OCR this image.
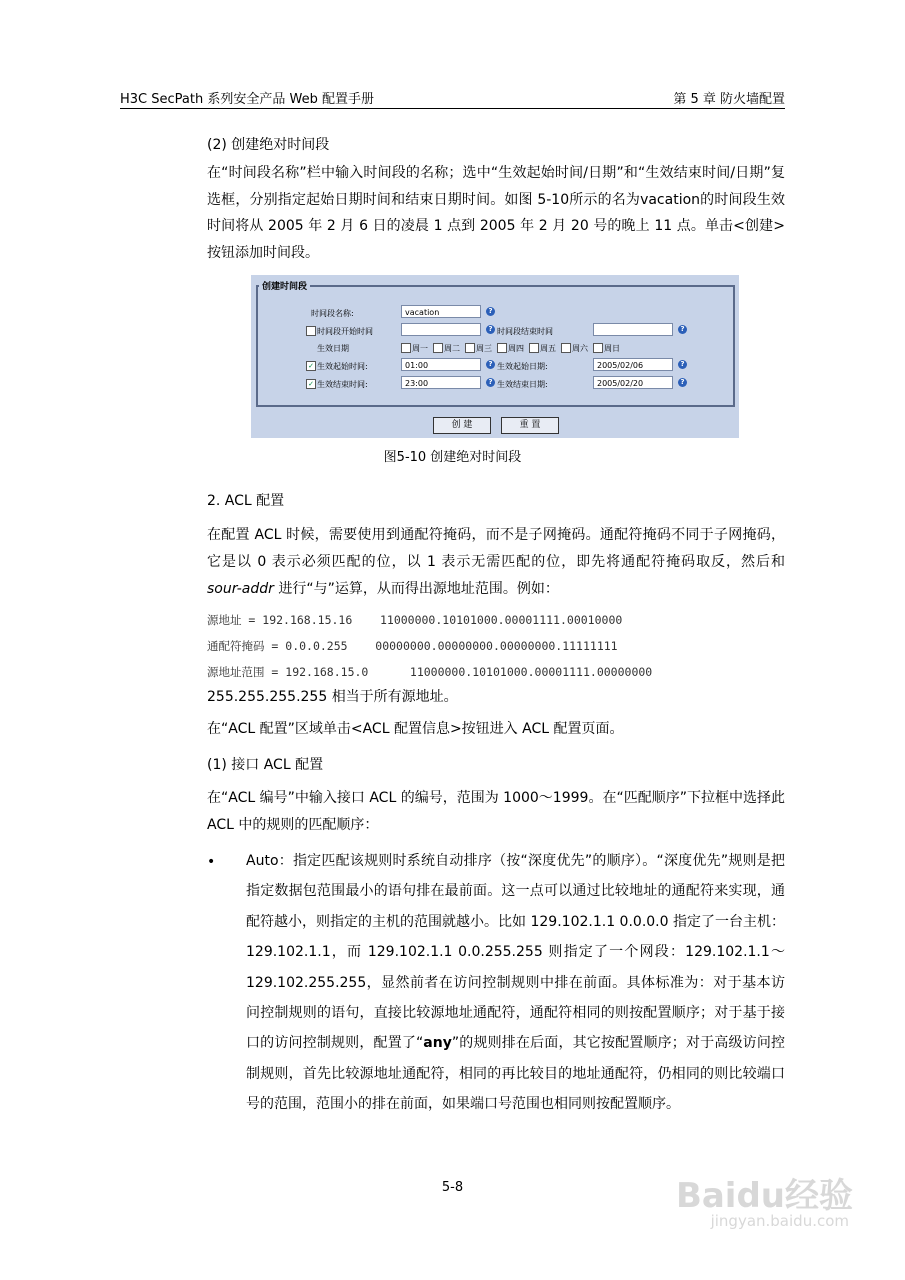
H3C SecPath 系列安全产品 Web 配置手册	第 5 章 防火墙配置
(2) 创建绝对时间段
在“时间段名称”栏中输入时间段的名称；选中“生效起始时间/日期”和“生效结束时间/日期”复选框，分别指定起始日期时间和结束日期时间。如图 5-10所示的名为vacation的时间段生效时间将从 2005 年 2 月 6 日的凌晨 1 点到 2005 年 2 月 20 号的晚上 11 点。单击<创建>按钮添加时间段。
创建时间段
时间段名称:	vacation	?
时间段开始时间	? 时间段结束时间	?
生效日期	周一 周二 周三 周四 周五 周六 周日
✓ 生效起始时间:	01:00	? 生效起始日期:	2005/02/06	?
✓ 生效结束时间:	23:00	? 生效结束日期:	2005/02/20	?
创 建	重 置
图5-10 创建绝对时间段
2. ACL 配置
在配置 ACL 时候，需要使用到通配符掩码，而不是子网掩码。通配符掩码不同于子网掩码，它是以 0 表示必须匹配的位，以 1 表示无需匹配的位，即先将通配符掩码取反，然后和 sour-addr 进行“与”运算，从而得出源地址范围。例如：
源地址 = 192.168.15.16    11000000.10101000.00001111.00010000
通配符掩码 = 0.0.0.255    00000000.00000000.00000000.11111111
源地址范围 = 192.168.15.0      11000000.10101000.00001111.00000000
255.255.255.255 相当于所有源地址。
在“ACL 配置”区域单击<ACL 配置信息>按钮进入 ACL 配置页面。
(1) 接口 ACL 配置
在“ACL 编号”中输入接口 ACL 的编号，范围为 1000～1999。在“匹配顺序”下拉框中选择此 ACL 中的规则的匹配顺序：
• Auto：指定匹配该规则时系统自动排序（按“深度优先”的顺序）。“深度优先”规则是把指定数据包范围最小的语句排在最前面。这一点可以通过比较地址的通配符来实现，通配符越小，则指定的主机的范围就越小。比如 129.102.1.1 0.0.0.0 指定了一台主机：129.102.1.1，而 129.102.1.1 0.0.255.255 则指定了一个网段：129.102.1.1～129.102.255.255，显然前者在访问控制规则中排在前面。具体标准为：对于基本访问控制规则的语句，直接比较源地址通配符，通配符相同的则按配置顺序；对于基于接口的访问控制规则，配置了“any”的规则排在后面，其它按配置顺序；对于高级访问控制规则，首先比较源地址通配符，相同的再比较目的地址通配符，仍相同的则比较端口号的范围，范围小的排在前面，如果端口号范围也相同则按配置顺序。
5-8	Baidu经验
jingyan.baidu.com
